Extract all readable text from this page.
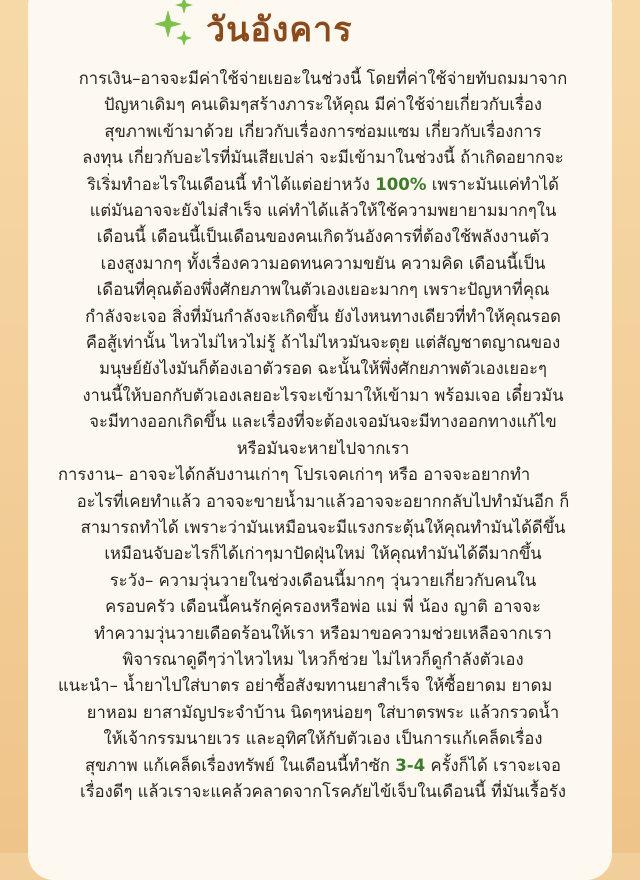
วันอังคาร

การเงิน–อาจจะมีค่าใช้จ่ายเยอะในช่วงนี้ โดยที่ค่าใช้จ่ายทับถมมาจาก

ปัญหาเดิมๆ คนเดิมๆสร้างภาระให้คุณ มีค่าใช้จ่ายเกี่ยวกับเรื่อง

สุขภาพเข้ามาด้วย เกี่ยวกับเรื่องการซ่อมแซม เกี่ยวกับเรื่องการ

ลงทุน เกี่ยวกับอะไรที่มันเสียเปล่า จะมีเข้ามาในช่วงนี้ ถ้าเกิดอยากจะ

ริเริ่มทำอะไรในเดือนนี้ ทำได้แต่อย่าหวัง 100% เพราะมันแค่ทำได้

แต่มันอาจจะยังไม่สำเร็จ แค่ทำได้แล้วให้ใช้ความพยายามมากๆใน

เดือนนี้ เดือนนี้เป็นเดือนของคนเกิดวันอังคารที่ต้องใช้พลังงานตัว

เองสูงมากๆ ทั้งเรื่องความอดทนความขยัน ความคิด เดือนนี้เป็น

เดือนที่คุณต้องพึ่งศักยภาพในตัวเองเยอะมากๆ เพราะปัญหาที่คุณ

กำลังจะเจอ สิ่งที่มันกำลังจะเกิดขึ้น ยังไงหนทางเดียวที่ทำให้คุณรอด

คือสู้เท่านั้น ไหวไม่ไหวไม่รู้ ถ้าไม่ไหวมันจะตุย แต่สัญชาตญาณของ

มนุษย์ยังไงมันก็ต้องเอาตัวรอด ฉะนั้นให้พึ่งศักยภาพตัวเองเยอะๆ

งานนี้ให้บอกกับตัวเองเลยอะไรจะเข้ามาให้เข้ามา พร้อมเจอ เดี๋ยวมัน

จะมีทางออกเกิดขึ้น และเรื่องที่จะต้องเจอมันจะมีทางออกทางแก้ไข

หรือมันจะหายไปจากเรา

การงาน– อาจจะได้กลับงานเก่าๆ โปรเจคเก่าๆ หรือ อาจจะอยากทำ

อะไรที่เคยทำแล้ว อาจจะขายน้ำมาแล้วอาจจะอยากกลับไปทำมันอีก ก็

สามารถทำได้ เพราะว่ามันเหมือนจะมีแรงกระตุ้นให้คุณทำมันได้ดีขึ้น

เหมือนจับอะไรก็ได้เก่าๆมาปัดฝุ่นใหม่ ให้คุณทำมันได้ดีมากขึ้น

ระวัง– ความวุ่นวายในช่วงเดือนนี้มากๆ วุ่นวายเกี่ยวกับคนใน

ครอบครัว เดือนนี้คนรักคู่ครองหรือพ่อ แม่ พี่ น้อง ญาติ อาจจะ

ทำความวุ่นวายเดือดร้อนให้เรา หรือมาขอความช่วยเหลือจากเรา

พิจารณาดูดีๆว่าไหวไหม ไหวก็ช่วย ไม่ไหวก็ดูกำลังตัวเอง

แนะนำ– น้ำยาไปใส่บาตร อย่าซื้อสังฆทานยาสำเร็จ ให้ซื้อยาดม ยาดม

ยาหอม ยาสามัญประจำบ้าน นิดๆหน่อยๆ ใส่บาตรพระ แล้วกรวดน้ำ

ให้เจ้ากรรมนายเวร และอุทิศให้กับตัวเอง เป็นการแก้เคล็ดเรื่อง

สุขภาพ แก้เคล็ดเรื่องทรัพย์ ในเดือนนี้ทำซัก 3-4 ครั้งก็ได้ เราจะเจอ

เรื่องดีๆ แล้วเราจะแคล้วคลาดจากโรคภัยไข้เจ็บในเดือนนี้ ที่มันเรื้อรัง
